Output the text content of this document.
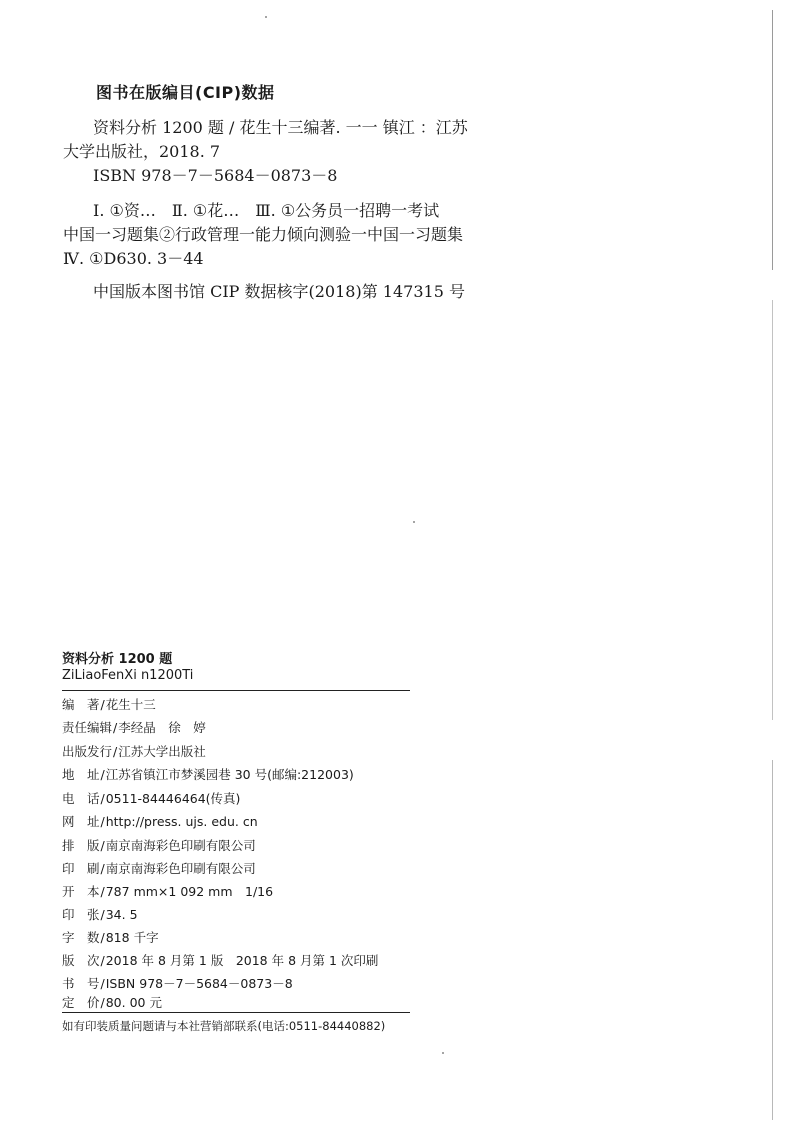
图书在版编目(CIP)数据
资料分析 1200 题 / 花生十三编著. 一一 镇江 ：江苏
大学出版社，2018. 7
ISBN 978－7－5684－0873－8
Ⅰ. ①资…　Ⅱ. ①花…　Ⅲ. ①公务员一招聘一考试
中国一习题集②行政管理一能力倾向测验一中国一习题集
Ⅳ. ①D630. 3－44
中国版本图书馆 CIP 数据核字(2018)第 147315 号
资料分析 1200 题
ZiLiaoFenXi n1200Ti
编　著/花生十三
责任编辑/李经晶　徐　婷
出版发行/江苏大学出版社
地　址/江苏省镇江市梦溪园巷 30 号(邮编:212003)
电　话/0511-84446464(传真)
网　址/http://press. ujs. edu. cn
排　版/南京南海彩色印刷有限公司
印　刷/南京南海彩色印刷有限公司
开　本/787 mm×1 092 mm　1/16
印　张/34. 5
字　数/818 千字
版　次/2018 年 8 月第 1 版　2018 年 8 月第 1 次印刷
书　号/ISBN 978－7－5684－0873－8
定　价/80. 00 元
如有印装质量问题请与本社营销部联系(电话:0511-84440882)
